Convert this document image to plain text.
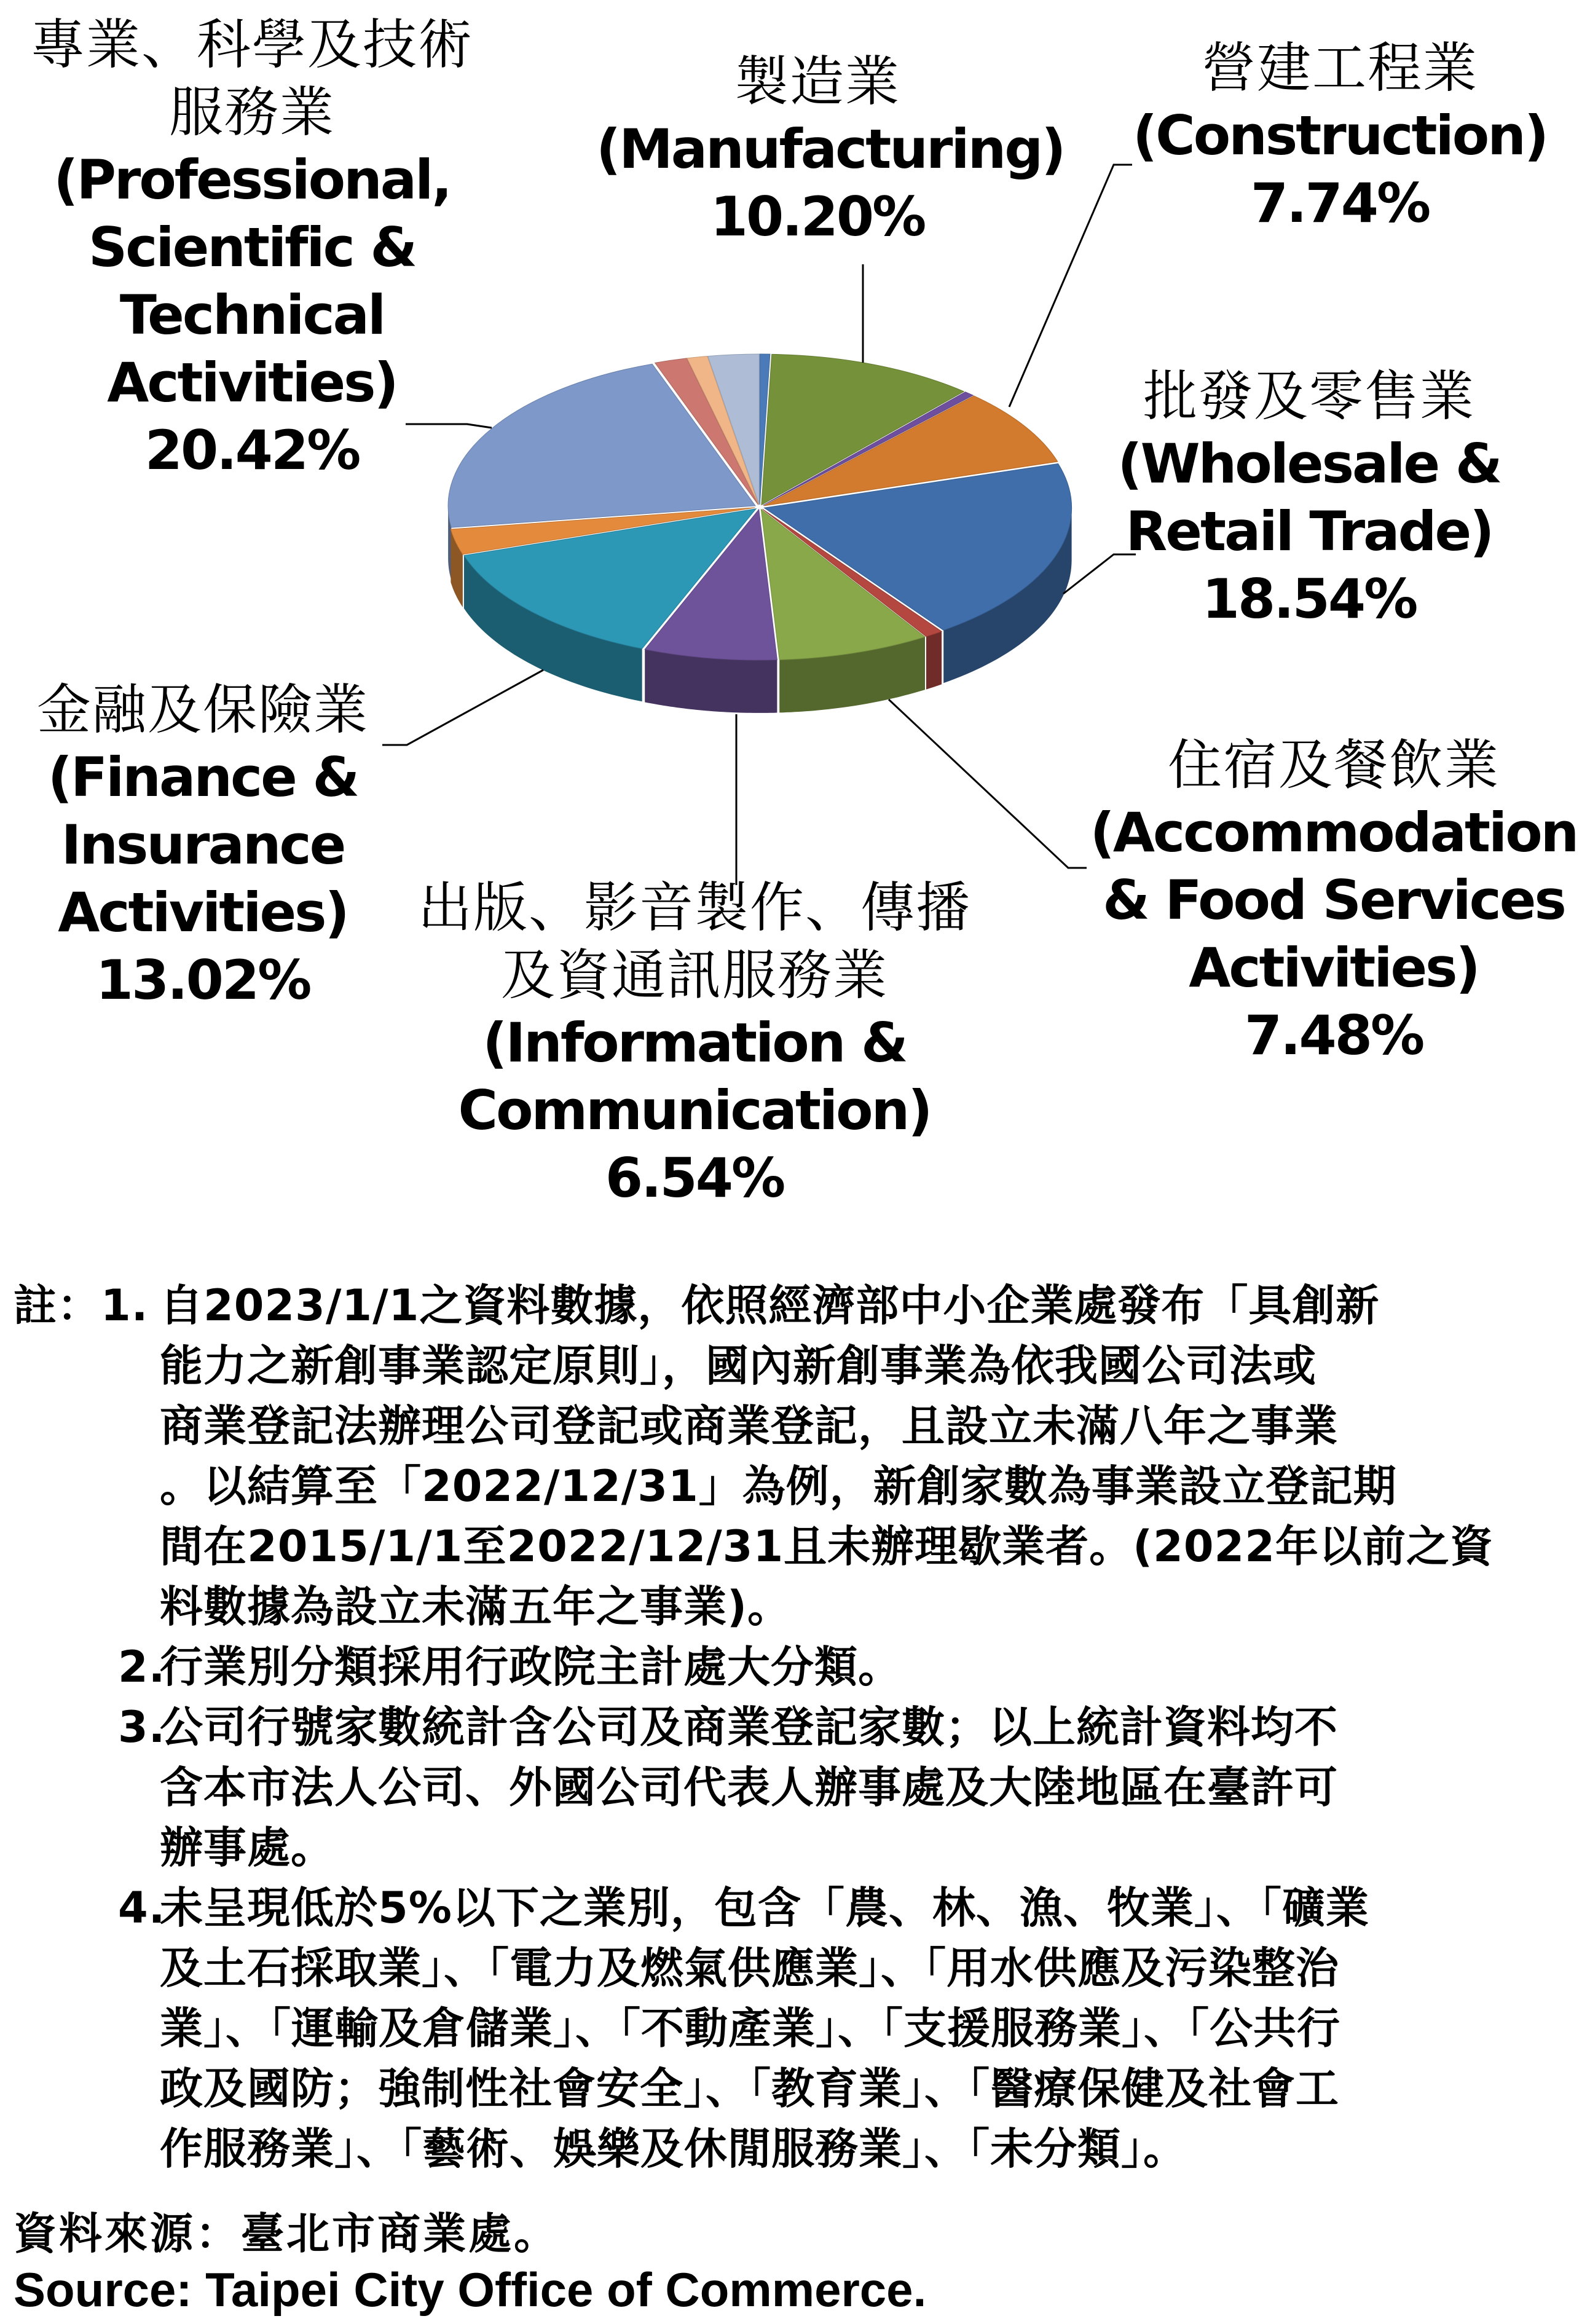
專業、科學及技術
服務業
(Professional,
Scientific &
Technical
Activities)
20.42%
製造業
(Manufacturing)
10.20%
營建工程業
(Construction)
7.74%
批發及零售業
(Wholesale &
Retail Trade)
18.54%
住宿及餐飲業
(Accommodation
& Food Services
Activities)
7.48%
出版、影音製作、傳播
及資通訊服務業
(Information &
Communication)
6.54%
金融及保險業
(Finance &
Insurance
Activities)
13.02%
註：1. 自2023/1/1之資料數據，依照經濟部中小企業處發布「具創新
能力之新創事業認定原則」，國內新創事業為依我國公司法或
商業登記法辦理公司登記或商業登記，且設立未滿八年之事業
。以結算至「2022/12/31」為例，新創家數為事業設立登記期
間在2015/1/1至2022/12/31且未辦理歇業者。(2022年以前之資
料數據為設立未滿五年之事業)。
2.
行業別分類採用行政院主計處大分類。
3.
公司行號家數統計含公司及商業登記家數；以上統計資料均不
含本市法人公司、外國公司代表人辦事處及大陸地區在臺許可
辦事處。
4.
未呈現低於5%以下之業別，包含「農、林、漁、牧業」、「礦業
及土石採取業」、「電力及燃氣供應業」、「用水供應及污染整治
業」、「運輸及倉儲業」、「不動產業」、「支援服務業」、「公共行
政及國防；強制性社會安全」、「教育業」、「醫療保健及社會工
作服務業」、「藝術、娛樂及休閒服務業」、「未分類」。
資料來源：臺北市商業處。
Source: Taipei City Office of Commerce.
